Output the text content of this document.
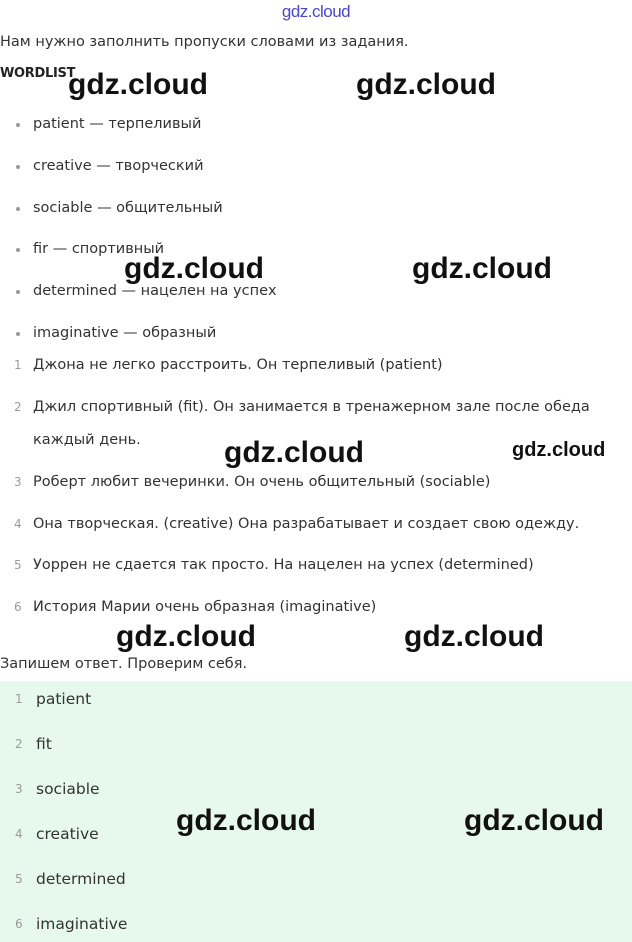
gdz.cloud
Нам нужно заполнить пропуски словами из задания.
WORDLIST
patient — терпеливый
creative — творческий
sociable — общительный
fir — спортивный
determined — нацелен на успех
imaginative — образный
1 Джона не легко расстроить. Он терпеливый (patient)
2 Джил спортивный (fit). Он занимается в тренажерном зале после обеда каждый день.
3 Роберт любит вечеринки. Он очень общительный (sociable)
4 Она творческая. (creative) Она разрабатывает и создает свою одежду.
5 Уоррен не сдается так просто. На нацелен на успех (determined)
6 История Марии очень образная (imaginative)
Запишем ответ. Проверим себя.
1 patient
2 fit
3 sociable
4 creative
5 determined
6 imaginative
gdz.cloud	gdz.cloud
gdz.cloud	gdz.cloud
gdz.cloud	gdz.cloud
gdz.cloud	gdz.cloud
gdz.cloud	gdz.cloud
